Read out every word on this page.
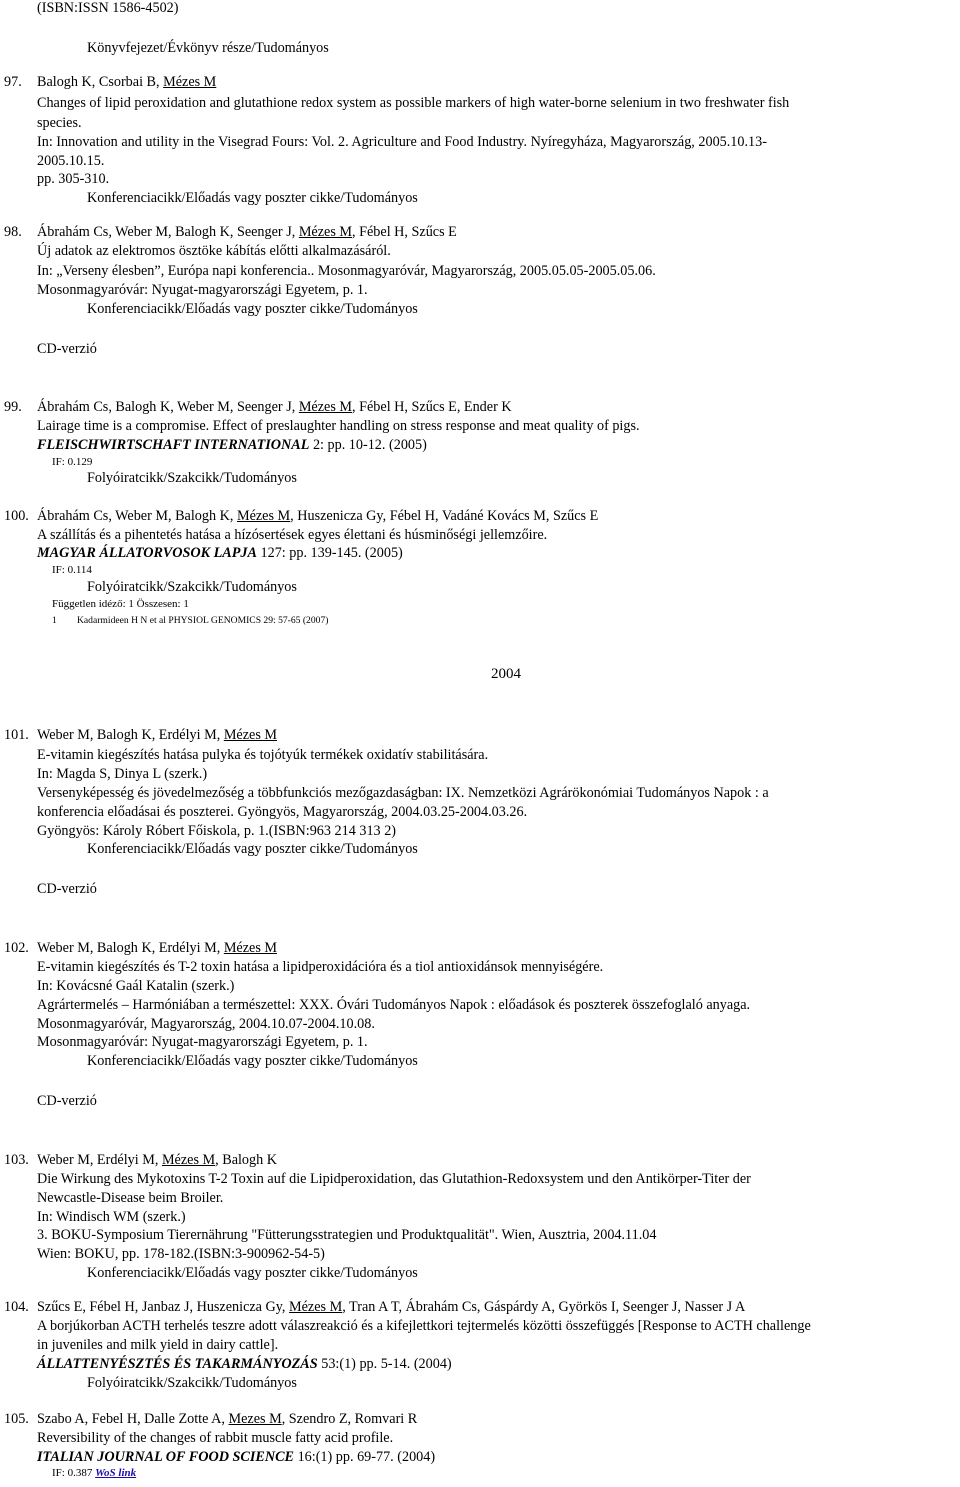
(ISBN:ISSN 1586-4502)
Könyvfejezet/Évkönyv része/Tudományos
97. Balogh K, Csorbai B, Mézes M
Changes of lipid peroxidation and glutathione redox system as possible markers of high water-borne selenium in two freshwater fish
species.
In: Innovation and utility in the Visegrad Fours: Vol. 2. Agriculture and Food Industry. Nyíregyháza, Magyarország, 2005.10.13-
2005.10.15.
pp. 305-310.
Konferenciacikk/Előadás vagy poszter cikke/Tudományos
98. Ábrahám Cs, Weber M, Balogh K, Seenger J, Mézes M, Fébel H, Szűcs E
Új adatok az elektromos ösztöke kábítás előtti alkalmazásáról.
In: „Verseny élesben”, Európa napi konferencia.. Mosonmagyaróvár, Magyarország, 2005.05.05-2005.05.06.
Mosonmagyaróvár: Nyugat-magyarországi Egyetem, p. 1.
Konferenciacikk/Előadás vagy poszter cikke/Tudományos
CD-verzió
99. Ábrahám Cs, Balogh K, Weber M, Seenger J, Mézes M, Fébel H, Szűcs E, Ender K
Lairage time is a compromise. Effect of preslaughter handling on stress response and meat quality of pigs.
FLEISCHWIRTSCHAFT INTERNATIONAL 2: pp. 10-12. (2005)
IF: 0.129
Folyóiratcikk/Szakcikk/Tudományos
100. Ábrahám Cs, Weber M, Balogh K, Mézes M, Huszenicza Gy, Fébel H, Vadáné Kovács M, Szűcs E
A szállítás és a pihentetés hatása a hízósertések egyes élettani és húsminőségi jellemzőire.
MAGYAR ÁLLATORVOSOK LAPJA 127: pp. 139-145. (2005)
IF: 0.114
Folyóiratcikk/Szakcikk/Tudományos
Független idéző: 1 Összesen: 1
1 Kadarmideen H N et al PHYSIOL GENOMICS 29: 57-65 (2007)
2004
101. Weber M, Balogh K, Erdélyi M, Mézes M
E-vitamin kiegészítés hatása pulyka és tojótyúk termékek oxidatív stabilitására.
In: Magda S, Dinya L (szerk.)
Versenyképesség és jövedelmezőség a többfunkciós mezőgazdaságban: IX. Nemzetközi Agrárökonómiai Tudományos Napok : a
konferencia előadásai és poszterei. Gyöngyös, Magyarország, 2004.03.25-2004.03.26.
Gyöngyös: Károly Róbert Főiskola, p. 1.(ISBN:963 214 313 2)
Konferenciacikk/Előadás vagy poszter cikke/Tudományos
CD-verzió
102. Weber M, Balogh K, Erdélyi M, Mézes M
E-vitamin kiegészítés és T-2 toxin hatása a lipidperoxidációra és a tiol antioxidánsok mennyiségére.
In: Kovácsné Gaál Katalin (szerk.)
Agrártermelés – Harmóniában a természettel: XXX. Óvári Tudományos Napok : előadások és poszterek összefoglaló anyaga.
Mosonmagyaróvár, Magyarország, 2004.10.07-2004.10.08.
Mosonmagyaróvár: Nyugat-magyarországi Egyetem, p. 1.
Konferenciacikk/Előadás vagy poszter cikke/Tudományos
CD-verzió
103. Weber M, Erdélyi M, Mézes M, Balogh K
Die Wirkung des Mykotoxins T-2 Toxin auf die Lipidperoxidation, das Glutathion-Redoxsystem und den Antikörper-Titer der
Newcastle-Disease beim Broiler.
In: Windisch WM (szerk.)
3. BOKU-Symposium Tierernährung "Fütterungsstrategien und Produktqualität". Wien, Ausztria, 2004.11.04
Wien: BOKU, pp. 178-182.(ISBN:3-900962-54-5)
Konferenciacikk/Előadás vagy poszter cikke/Tudományos
104. Szűcs E, Fébel H, Janbaz J, Huszenicza Gy, Mézes M, Tran A T, Ábrahám Cs, Gáspárdy A, Györkös I, Seenger J, Nasser J A
A borjúkorban ACTH terhelés teszre adott válaszreakció és a kifejlettkori tejtermelés közötti összefüggés [Response to ACTH challenge
in juveniles and milk yield in dairy cattle].
ÁLLATTENYÉSZTÉS ÉS TAKARMÁNYOZÁS 53:(1) pp. 5-14. (2004)
Folyóiratcikk/Szakcikk/Tudományos
105. Szabo A, Febel H, Dalle Zotte A, Mezes M, Szendro Z, Romvari R
Reversibility of the changes of rabbit muscle fatty acid profile.
ITALIAN JOURNAL OF FOOD SCIENCE 16:(1) pp. 69-77. (2004)
IF: 0.387 WoS link
